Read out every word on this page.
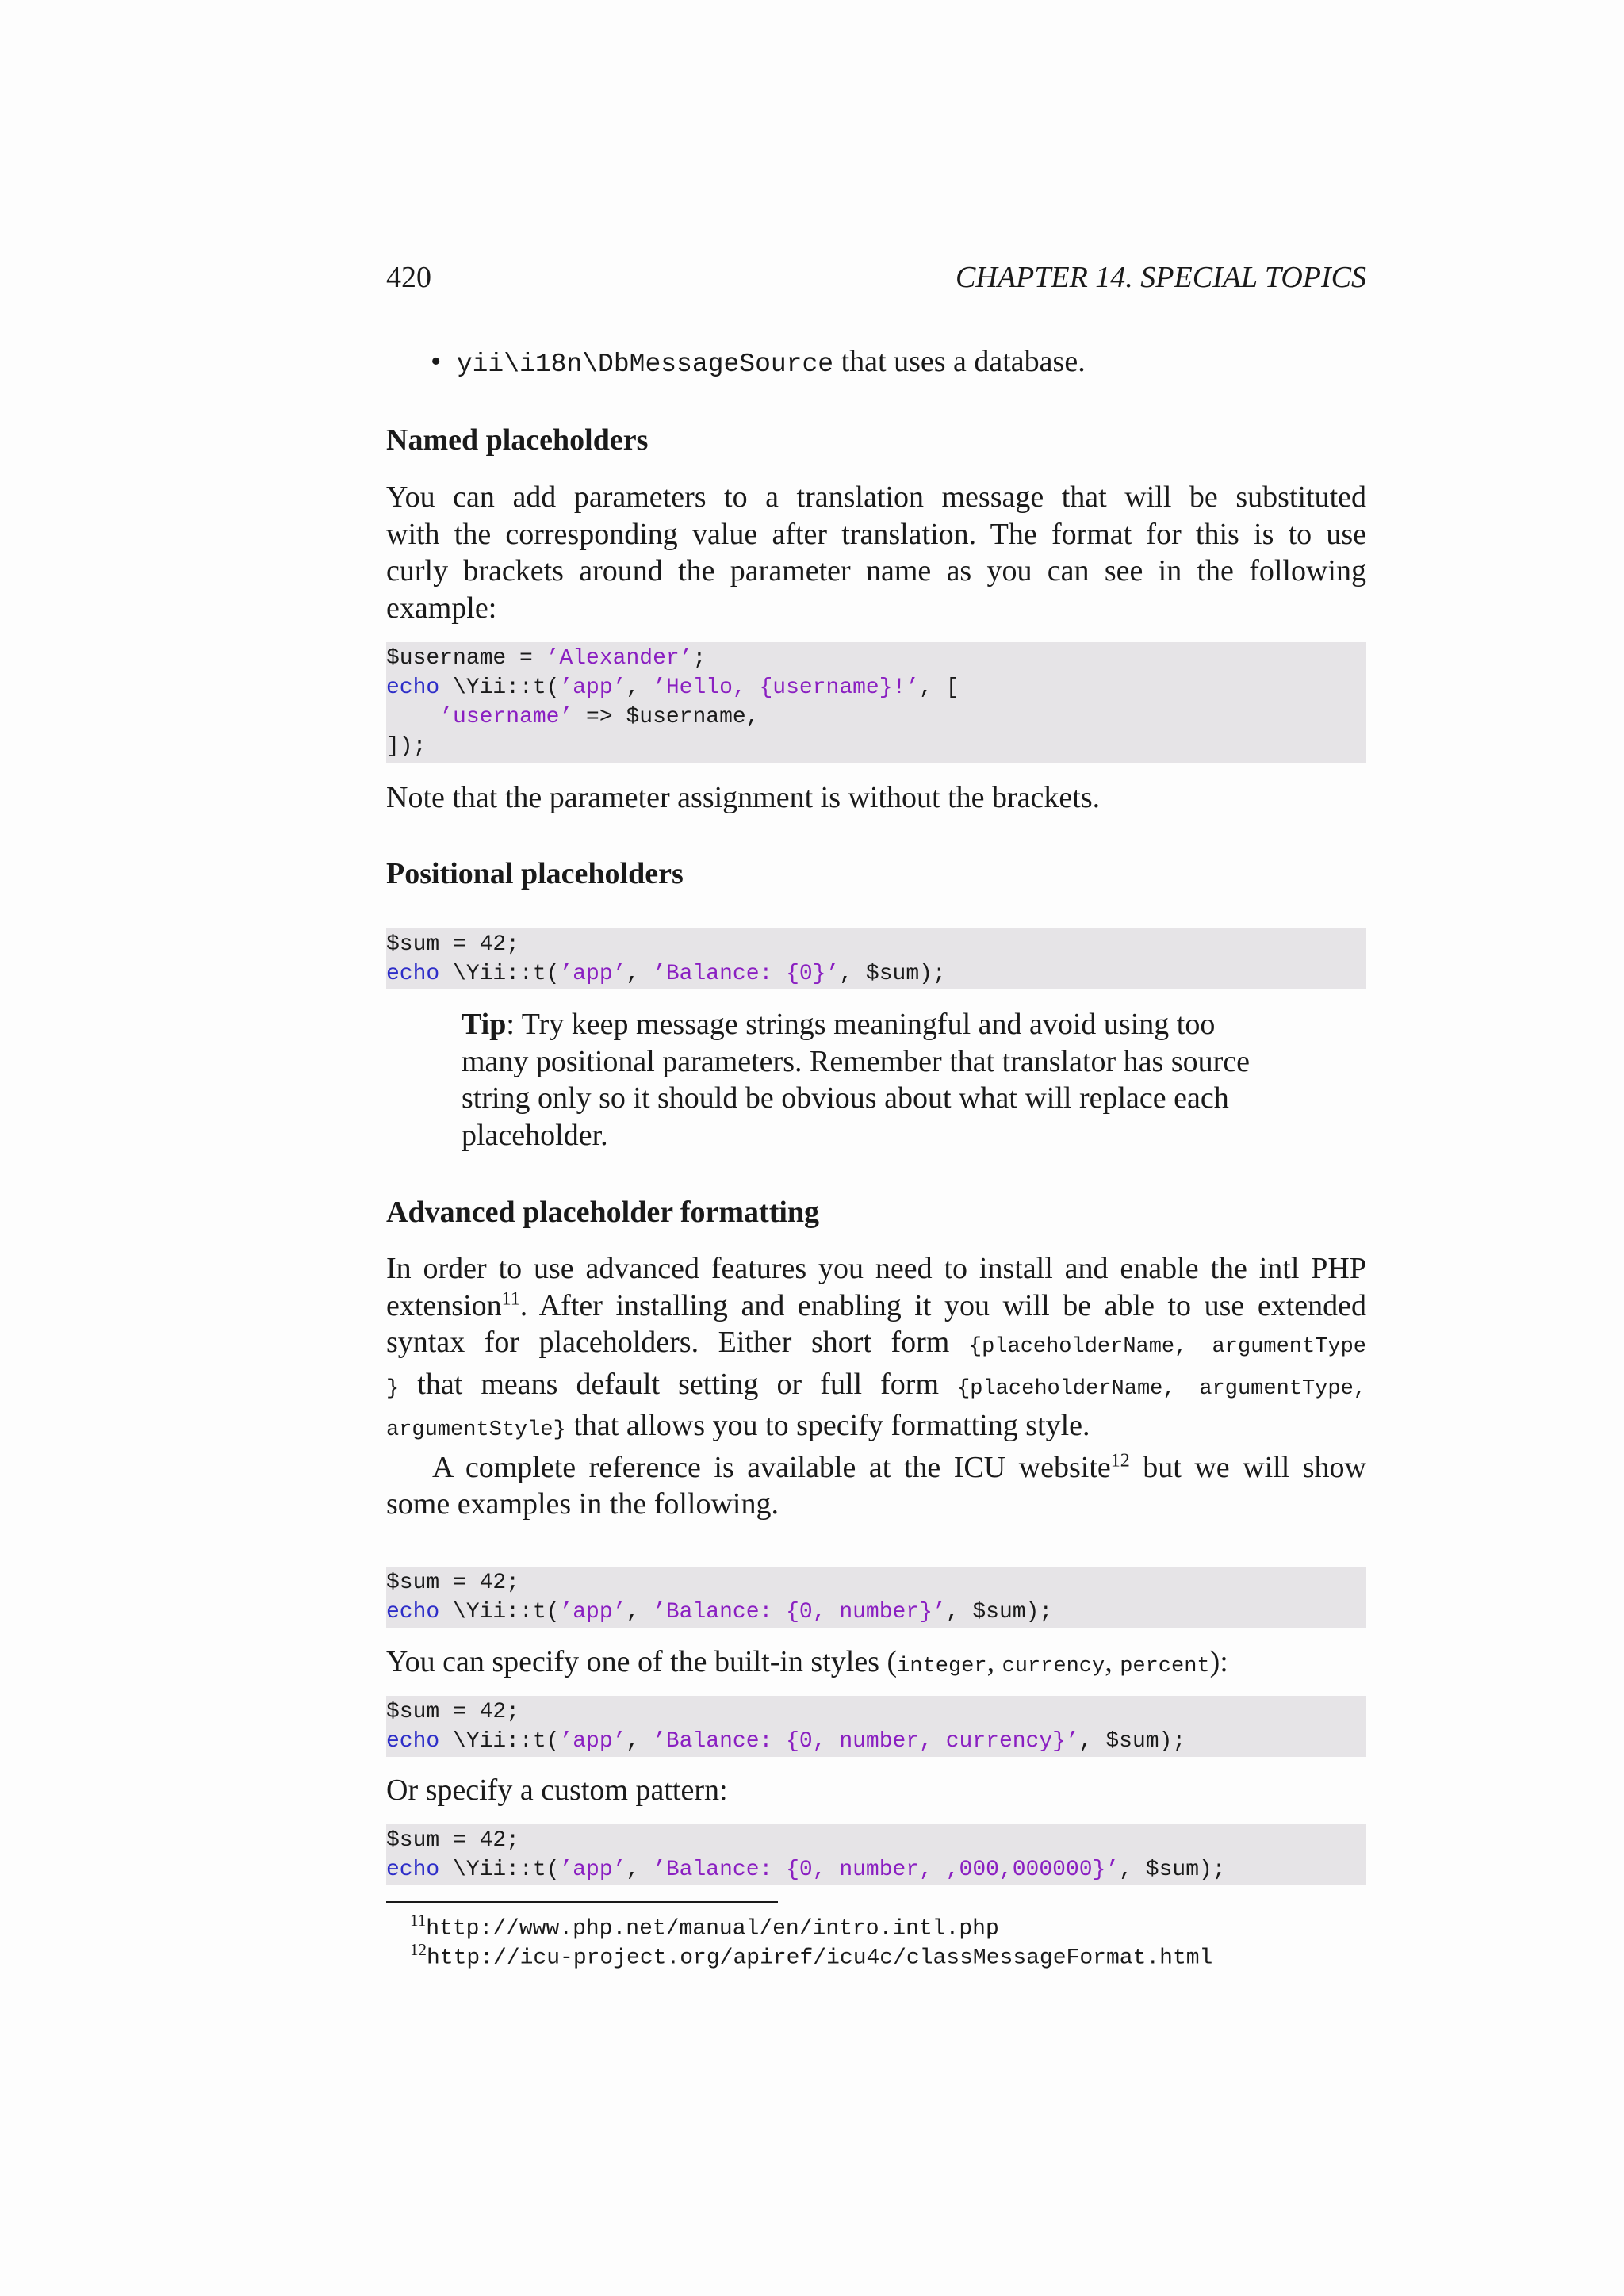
420	CHAPTER 14. SPECIAL TOPICS
• yii\i18n\DbMessageSource that uses a database.
Named placeholders
You can add parameters to a translation message that will be substituted
with the corresponding value after translation. The format for this is to use
curly brackets around the parameter name as you can see in the following
example:
$username = ’Alexander’;
echo \Yii::t(’app’, ’Hello, {username}!’, [
’username’ => $username,
]);
Note that the parameter assignment is without the brackets.
Positional placeholders
$sum = 42;
echo \Yii::t(’app’, ’Balance: {0}’, $sum);
Tip: Try keep message strings meaningful and avoid using too
many positional parameters. Remember that translator has source
string only so it should be obvious about what will replace each
placeholder.
Advanced placeholder formatting
In order to use advanced features you need to install and enable the intl PHP
extension$^{11}$. After installing and enabling it you will be able to use extended
syntax for placeholders. Either short form {placeholderName, argumentType
} that means default setting or full form {placeholderName, argumentType,
argumentStyle} that allows you to specify formatting style.
A complete reference is available at the ICU website$^{12}$ but we will show
some examples in the following.
$sum = 42;
echo \Yii::t(’app’, ’Balance: {0, number}’, $sum);
You can specify one of the built-in styles (integer, currency, percent):
$sum = 42;
echo \Yii::t(’app’, ’Balance: {0, number, currency}’, $sum);
Or specify a custom pattern:
$sum = 42;
echo \Yii::t(’app’, ’Balance: {0, number, ,000,000000}’, $sum);
$^{11}$http://www.php.net/manual/en/intro.intl.php
$^{12}$http://icu-project.org/apiref/icu4c/classMessageFormat.html
